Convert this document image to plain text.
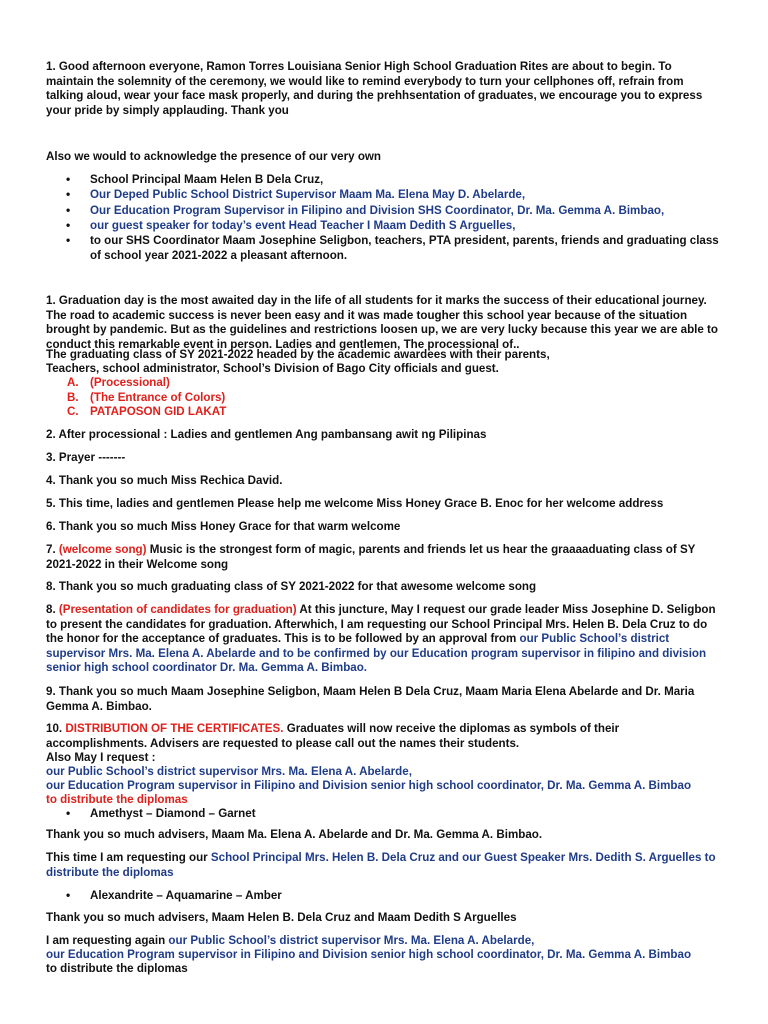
1. Good afternoon everyone, Ramon Torres Louisiana Senior High School Graduation Rites are about to begin. To maintain the solemnity of the ceremony, we would like to remind everybody to turn your cellphones off, refrain from talking aloud, wear your face mask properly, and during the prehhsentation of graduates, we encourage you to express your pride by simply applauding. Thank you

Also we would to acknowledge the presence of our very own

• School Principal Maam Helen B Dela Cruz,
• Our Deped Public School District Supervisor Maam Ma. Elena May D. Abelarde,
• Our Education Program Supervisor in Filipino and Division SHS Coordinator, Dr. Ma. Gemma A. Bimbao,
• our guest speaker for today’s event Head Teacher I Maam Dedith S Arguelles,
• to our SHS Coordinator Maam Josephine Seligbon, teachers, PTA president, parents, friends and graduating class of school year 2021-2022 a pleasant afternoon.

1. Graduation day is the most awaited day in the life of all students for it marks the success of their educational journey. The road to academic success is never been easy and it was made tougher this school year because of the situation brought by pandemic. But as the guidelines and restrictions loosen up, we are very lucky because this year we are able to conduct this remarkable event in person. Ladies and gentlemen, The processional of..

The graduating class of SY 2021-2022 headed by the academic awardees with their parents,

Teachers, school administrator, School’s Division of Bago City officials and guest.

A. (Processional)
B. (The Entrance of Colors)
C. PATAPOSON GID LAKAT

2. After processional : Ladies and gentlemen Ang pambansang awit ng Pilipinas

3. Prayer -------

4. Thank you so much Miss Rechica David.

5. This time, ladies and gentlemen Please help me welcome Miss Honey Grace B. Enoc for her welcome address

6. Thank you so much Miss Honey Grace for that warm welcome

7. (welcome song) Music is the strongest form of magic, parents and friends let us hear the graaaaduating class of SY 2021-2022 in their Welcome song

8. Thank you so much graduating class of SY 2021-2022 for that awesome welcome song

8. (Presentation of candidates for graduation) At this juncture, May I request our grade leader Miss Josephine D. Seligbon to present the candidates for graduation. Afterwhich, I am requesting our School Principal Mrs. Helen B. Dela Cruz to do the honor for the acceptance of graduates. This is to be followed by an approval from our Public School’s district supervisor Mrs. Ma. Elena A. Abelarde and to be confirmed by our Education program supervisor in filipino and division senior high school coordinator Dr. Ma. Gemma A. Bimbao.

9. Thank you so much Maam Josephine Seligbon, Maam Helen B Dela Cruz, Maam Maria Elena Abelarde and Dr. Maria Gemma A. Bimbao.

10. DISTRIBUTION OF THE CERTIFICATES. Graduates will now receive the diplomas as symbols of their accomplishments. Advisers are requested to please call out the names their students.

Also May I request :

our Public School’s district supervisor Mrs. Ma. Elena A. Abelarde,

our Education Program supervisor in Filipino and Division senior high school coordinator, Dr. Ma. Gemma A. Bimbao

to distribute the diplomas

• Amethyst – Diamond – Garnet

Thank you so much advisers, Maam Ma. Elena A. Abelarde and Dr. Ma. Gemma A. Bimbao.

This time I am requesting our School Principal Mrs. Helen B. Dela Cruz and our Guest Speaker Mrs. Dedith S. Arguelles to distribute the diplomas

• Alexandrite – Aquamarine – Amber

Thank you so much advisers, Maam Helen B. Dela Cruz and Maam Dedith S Arguelles

I am requesting again our Public School’s district supervisor Mrs. Ma. Elena A. Abelarde,

our Education Program supervisor in Filipino and Division senior high school coordinator, Dr. Ma. Gemma A. Bimbao

to distribute the diplomas
